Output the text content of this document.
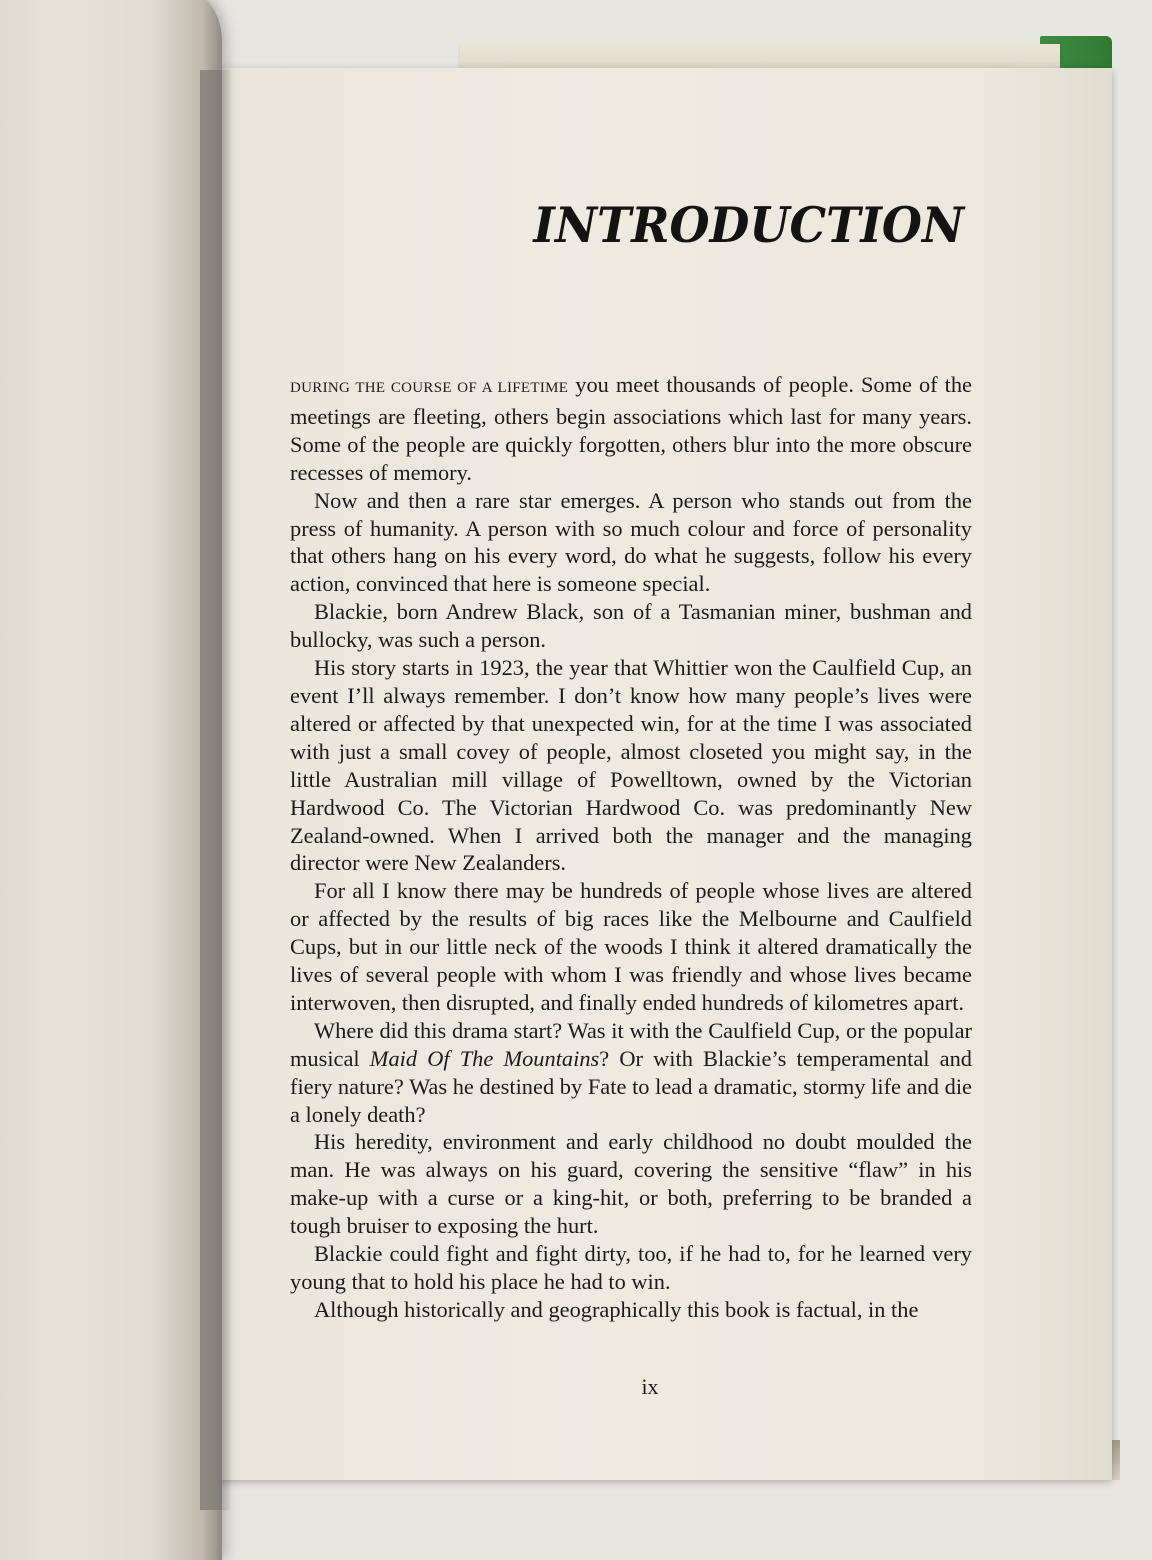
INTRODUCTION

DURING THE COURSE OF A LIFETIME you meet thousands of people. Some of the meetings are fleeting, others begin associations which last for many years. Some of the people are quickly forgotten, others blur into the more obscure recesses of memory.

Now and then a rare star emerges. A person who stands out from the press of humanity. A person with so much colour and force of personality that others hang on his every word, do what he suggests, follow his every action, convinced that here is someone special.

Blackie, born Andrew Black, son of a Tasmanian miner, bushman and bullocky, was such a person.

His story starts in 1923, the year that Whittier won the Caulfield Cup, an event I’ll always remember. I don’t know how many people’s lives were altered or affected by that unexpected win, for at the time I was associated with just a small covey of people, almost closeted you might say, in the little Australian mill village of Powelltown, owned by the Victorian Hardwood Co. The Victorian Hardwood Co. was predominantly New Zealand-owned. When I arrived both the manager and the managing director were New Zealanders.

For all I know there may be hundreds of people whose lives are altered or affected by the results of big races like the Melbourne and Caulfield Cups, but in our little neck of the woods I think it altered dramatically the lives of several people with whom I was friendly and whose lives became interwoven, then disrupted, and finally ended hundreds of kilometres apart.

Where did this drama start? Was it with the Caulfield Cup, or the popular musical Maid Of The Mountains? Or with Blackie’s temperamental and fiery nature? Was he destined by Fate to lead a dramatic, stormy life and die a lonely death?

His heredity, environment and early childhood no doubt moulded the man. He was always on his guard, covering the sensitive “flaw” in his make-up with a curse or a king-hit, or both, preferring to be branded a tough bruiser to exposing the hurt.

Blackie could fight and fight dirty, too, if he had to, for he learned very young that to hold his place he had to win.

Although historically and geographically this book is factual, in the

ix
